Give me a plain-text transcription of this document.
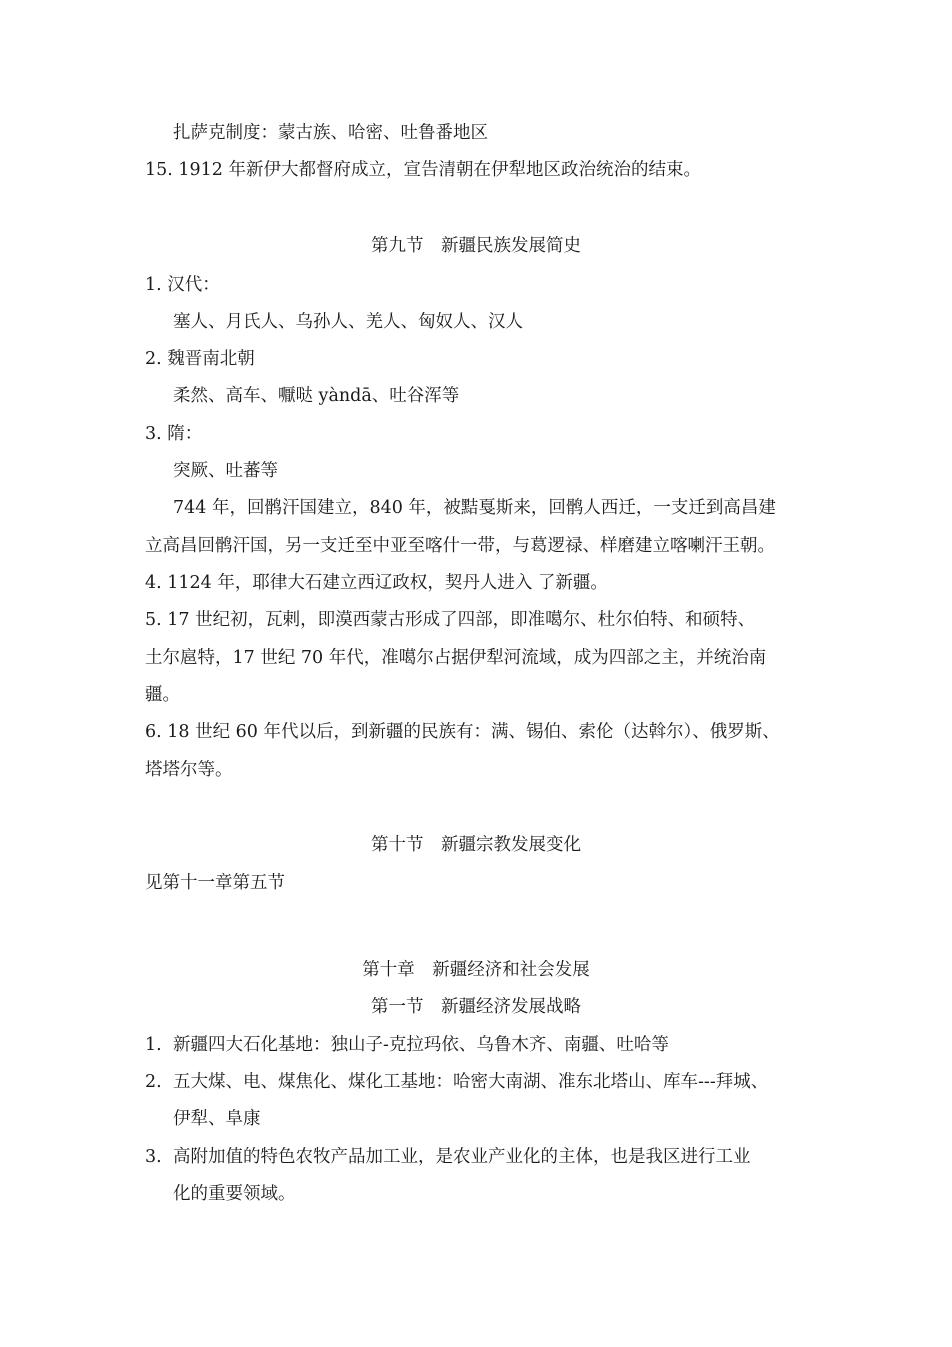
扎萨克制度：蒙古族、哈密、吐鲁番地区
15. 1912 年新伊大都督府成立，宣告清朝在伊犁地区政治统治的结束。
第九节　新疆民族发展简史
1. 汉代：
塞人、月氏人、乌孙人、羌人、匈奴人、汉人
2. 魏晋南北朝
柔然、高车、嚈哒 yàndā、吐谷浑等
3. 隋：
突厥、吐蕃等
744 年，回鹘汗国建立，840 年，被黠戛斯来，回鹘人西迁，一支迁到高昌建
立高昌回鹘汗国，另一支迁至中亚至喀什一带，与葛逻禄、样磨建立喀喇汗王朝。
4. 1124 年，耶律大石建立西辽政权，契丹人进入 了新疆。
5. 17 世纪初，瓦剌，即漠西蒙古形成了四部，即准噶尔、杜尔伯特、和硕特、
土尔扈特，17 世纪 70 年代，准噶尔占据伊犁河流域，成为四部之主，并统治南
疆。
6. 18 世纪 60 年代以后，到新疆的民族有：满、锡伯、索伦（达斡尔）、俄罗斯、
塔塔尔等。
第十节　新疆宗教发展变化
见第十一章第五节
第十章　新疆经济和社会发展
第一节　新疆经济发展战略
1. 新疆四大石化基地：独山子-克拉玛依、乌鲁木齐、南疆、吐哈等
2. 五大煤、电、煤焦化、煤化工基地：哈密大南湖、准东北塔山、库车---拜城、
伊犁、阜康
3. 高附加值的特色农牧产品加工业，是农业产业化的主体，也是我区进行工业
化的重要领域。
